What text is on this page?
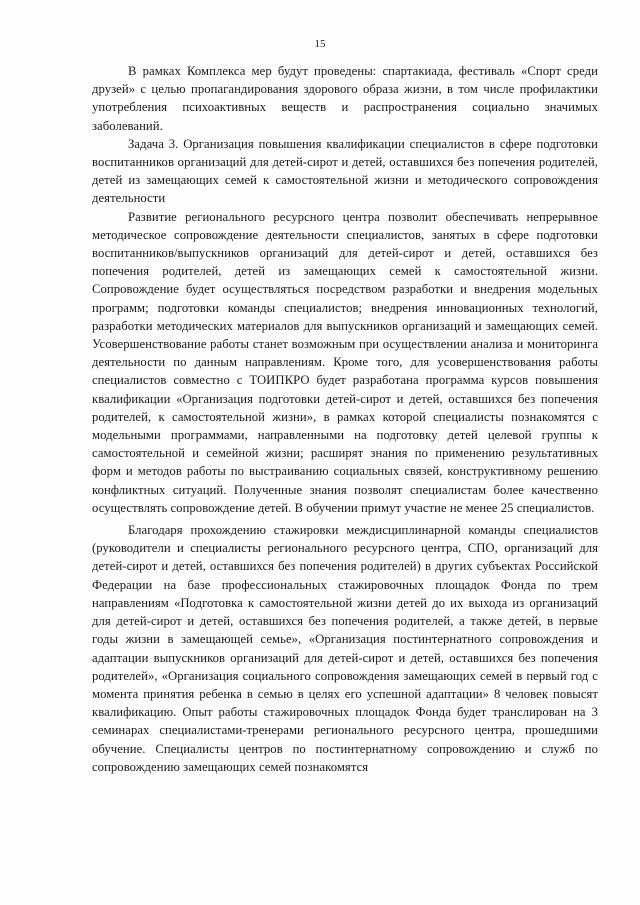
15

В рамках Комплекса мер будут проведены: спартакиада, фестиваль «Спорт среди друзей» с целью пропагандирования здорового образа жизни, в том числе профилактики употребления психоактивных веществ и распространения социально значимых заболеваний.

Задача 3. Организация повышения квалификации специалистов в сфере подготовки воспитанников организаций для детей-сирот и детей, оставшихся без попечения родителей, детей из замещающих семей к самостоятельной жизни и методического сопровождения деятельности

Развитие регионального ресурсного центра позволит обеспечивать непрерывное методическое сопровождение деятельности специалистов, занятых в сфере подготовки воспитанников/выпускников организаций для детей-сирот и детей, оставшихся без попечения родителей, детей из замещающих семей к самостоятельной жизни. Сопровождение будет осуществляться посредством разработки и внедрения модельных программ; подготовки команды специалистов; внедрения инновационных технологий, разработки методических материалов для выпускников организаций и замещающих семей. Усовершенствование работы станет возможным при осуществлении анализа и мониторинга деятельности по данным направлениям. Кроме того, для усовершенствования работы специалистов совместно с ТОИПКРО будет разработана программа курсов повышения квалификации «Организация подготовки детей-сирот и детей, оставшихся без попечения родителей, к самостоятельной жизни», в рамках которой специалисты познакомятся с модельными программами, направленными на подготовку детей целевой группы к самостоятельной и семейной жизни; расширят знания по применению результативных форм и методов работы по выстраиванию социальных связей, конструктивному решению конфликтных ситуаций. Полученные знания позволят специалистам более качественно осуществлять сопровождение детей. В обучении примут участие не менее 25 специалистов.

Благодаря прохождению стажировки междисциплинарной команды специалистов (руководители и специалисты регионального ресурсного центра, СПО, организаций для детей-сирот и детей, оставшихся без попечения родителей) в других субъектах Российской Федерации на базе профессиональных стажировочных площадок Фонда по трем направлениям «Подготовка к самостоятельной жизни детей до их выхода из организаций для детей-сирот и детей, оставшихся без попечения родителей, а также детей, в первые годы жизни в замещающей семье», «Организация постинтернатного сопровождения и адаптации выпускников организаций для детей-сирот и детей, оставшихся без попечения родителей», «Организация социального сопровождения замещающих семей в первый год с момента принятия ребенка в семью в целях его успешной адаптации» 8 человек повысят квалификацию. Опыт работы стажировочных площадок Фонда будет транслирован на 3 семинарах специалистами-тренерами регионального ресурсного центра, прошедшими обучение. Специалисты центров по постинтернатному сопровождению и служб по сопровождению замещающих семей познакомятся
